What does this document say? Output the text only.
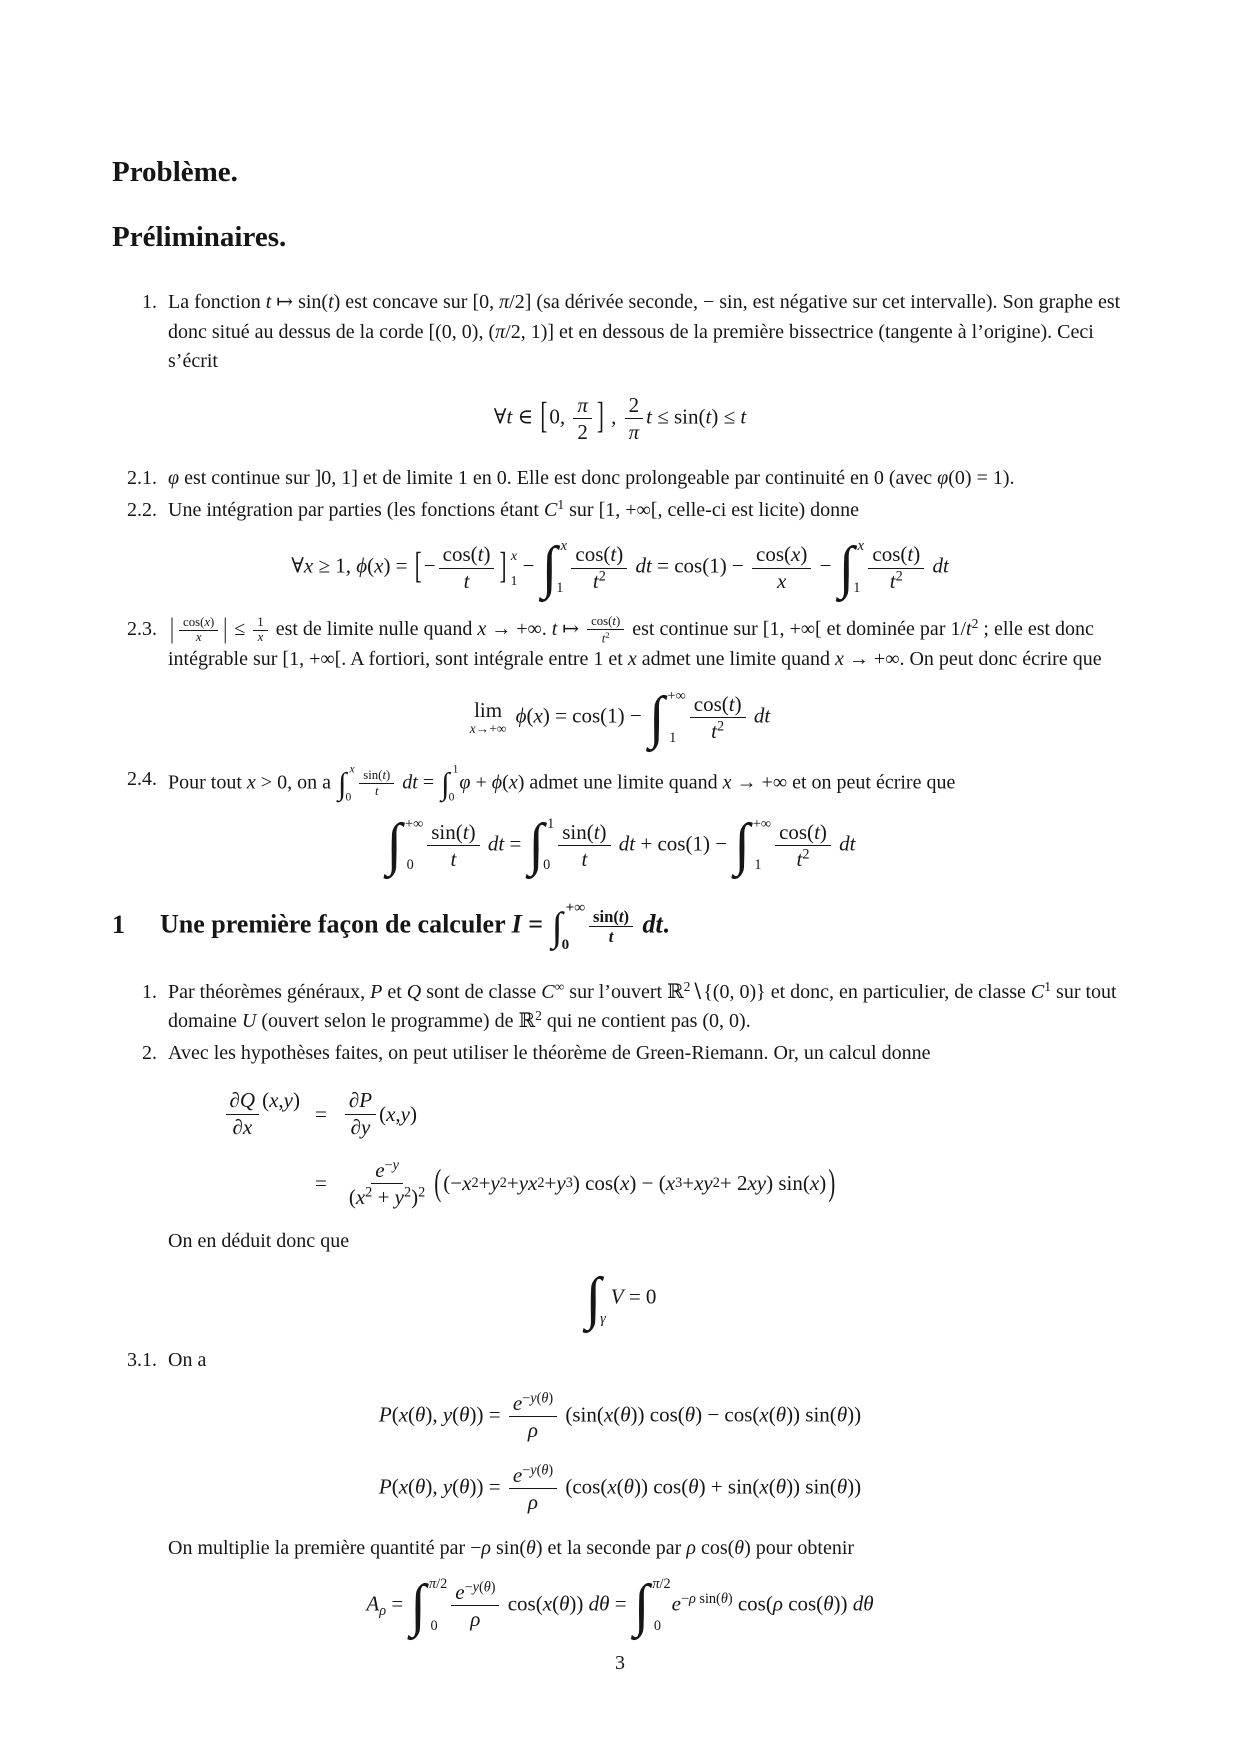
Problème.
Préliminaires.
1. La fonction t ↦ sin(t) est concave sur [0, π/2] (sa dérivée seconde, − sin, est négative sur cet intervalle). Son graphe est donc situé au dessus de la corde [(0, 0), (π/2, 1)] et en dessous de la première bissectrice (tangente à l’origine). Ceci s’écrit
∀t ∈ [0, $\frac{\pi}{2}$ ] , $\frac{2}{\pi}$ t ≤ sin(t) ≤ t
2.1. φ est continue sur ]0, 1] et de limite 1 en 0. Elle est donc prolongeable par continuité en 0 (avec φ(0) = 1).
2.2. Une intégration par parties (les fonctions étant $C^1$ sur [1, +∞[, celle-ci est licite) donne
∀x ≥ 1, ϕ(x) = [− $\frac{\cos(t)}{t}$ ] x
1
− ∫ x
$1 \frac{\cos(t)}{t^2}$ dt = $\cos(1) - \frac{\cos(x)}{x}$ − ∫ x
$1 \frac{\cos(t)}{t^2}$ dt
2.3. | $\frac{\cos(x)}{x}$ | ≤ $\frac{1}{x}$ est de limite nulle quand x → +∞. t ↦ $\frac{\cos(t)}{t^2}$ est continue sur [1, +∞[ et dominée par $1/t^2$ ; elle est donc intégrable sur [1, +∞[. A fortiori, sont intégrale entre 1 et x admet une limite quand x → +∞. On peut donc écrire que
lim
x→+∞
ϕ(x) = cos(1) − ∫ +∞
$1 \frac{\cos(t)}{t^2}$ dt
2.4. Pour tout x > 0, on a ∫ x
$0 \frac{\sin(t)}{t}$ dt = ∫ 1
0
φ + ϕ(x) admet une limite quand x → +∞ et on peut écrire que
∫ +∞
$0 \frac{\sin(t)}{t}$ dt = ∫ 1
$0 \frac{\sin(t)}{t}$ dt + cos(1) − ∫ +∞
$1 \frac{\cos(t)}{t^2}$ dt
1	Une première façon de calculer I = ∫ +∞
0	$\frac{\sin(t)}{t}$ dt.
1. Par théorèmes généraux, P et Q sont de classe C∞ sur l’ouvert ℝ$^2$∖{(0, 0)} et donc, en particulier, de classe $C^1$ sur tout domaine U (ouvert selon le programme) de ℝ$^2$ qui ne contient pas (0, 0).
2. Avec les hypothèses faites, on peut utiliser le théorème de Green-Riemann. Or, un calcul donne
$\frac{\partial Q}{\partial x}$ ( x , y )
= $\frac{\partial P}{\partial y}$ ( x , y )
= $\frac{e^{-y}}{(x^2 + y^2)^2}$ ( (− x 2 + y 2 + yx 2 + y 3 ) cos( x ) − ( x 3 + xy 2 + 2 xy ) sin( x ) )
On en déduit donc que
∫ γ
V = 0
3.1. On a
P(x(θ), $y(\theta)) = \frac{e^{-y(\theta)}}{\rho} (\sin(x(\theta)) \cos(\theta) - \cos(x(\theta))$ sin(θ))
P(x(θ), $y(\theta)) = \frac{e^{-y(\theta)}}{\rho} (\cos(x(\theta)) \cos(\theta) + \sin(x(\theta))$ sin(θ))
On multiplie la première quantité par −ρ sin(θ) et la seconde par ρ cos(θ) pour obtenir
$A_\rho$ = ∫ π/2
$0 \frac{e^{-y(\theta)}}{\rho} \cos(x(\theta)) d\theta$ = ∫ π/2
0
$e^{-\rho sin(\theta)}$ cos(ρ cos(θ)) dθ
3
